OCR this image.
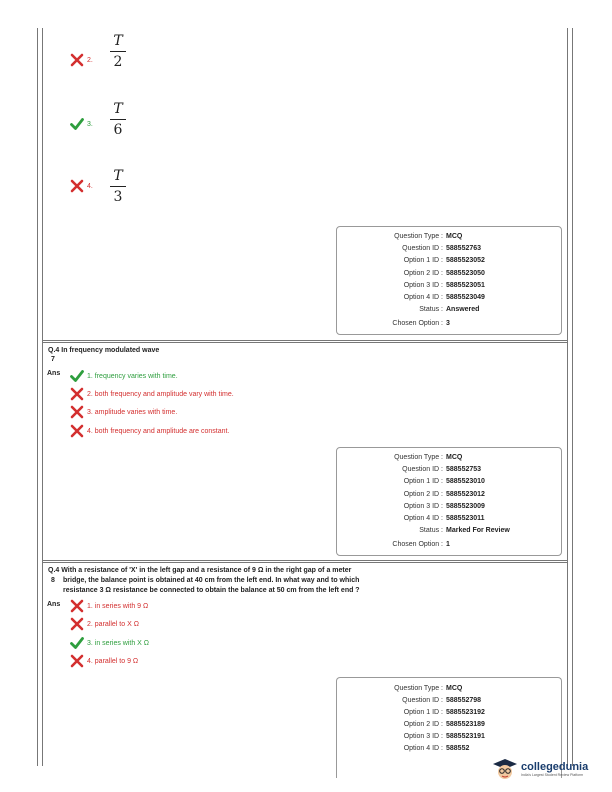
2.
T
2
3.
T
6
4.
T
3
Question Type : MCQ
Question ID : 588552763
Option 1 ID : 5885523052
Option 2 ID : 5885523050
Option 3 ID : 5885523051
Option 4 ID : 5885523049
Status : Answered
Chosen Option : 3
Q.4 In frequency modulated wave
7
Ans	1. frequency varies with time.
2. both frequency and amplitude vary with time.
3. amplitude varies with time.
4. both frequency and amplitude are constant.
Question Type : MCQ
Question ID : 588552753
Option 1 ID : 5885523010
Option 2 ID : 5885523012
Option 3 ID : 5885523009
Option 4 ID : 5885523011
Status : Marked For Review
Chosen Option : 1
Q.4 With a resistance of 'X' in the left gap and a resistance of 9 Ω in the right gap of a meter
8 bridge, the balance point is obtained at 40 cm from the left end. In what way and to which
resistance 3 Ω resistance be connected to obtain the balance at 50 cm from the left end ?
Ans	1. in series with 9 Ω
2. parallel to X Ω
3. in series with X Ω
4. parallel to 9 Ω
Question Type : MCQ
Question ID : 588552798
Option 1 ID : 5885523192
Option 2 ID : 5885523189
Option 3 ID : 5885523191
Option 4 ID : 588552
collegedunia
India's Largest Student Review Platform
